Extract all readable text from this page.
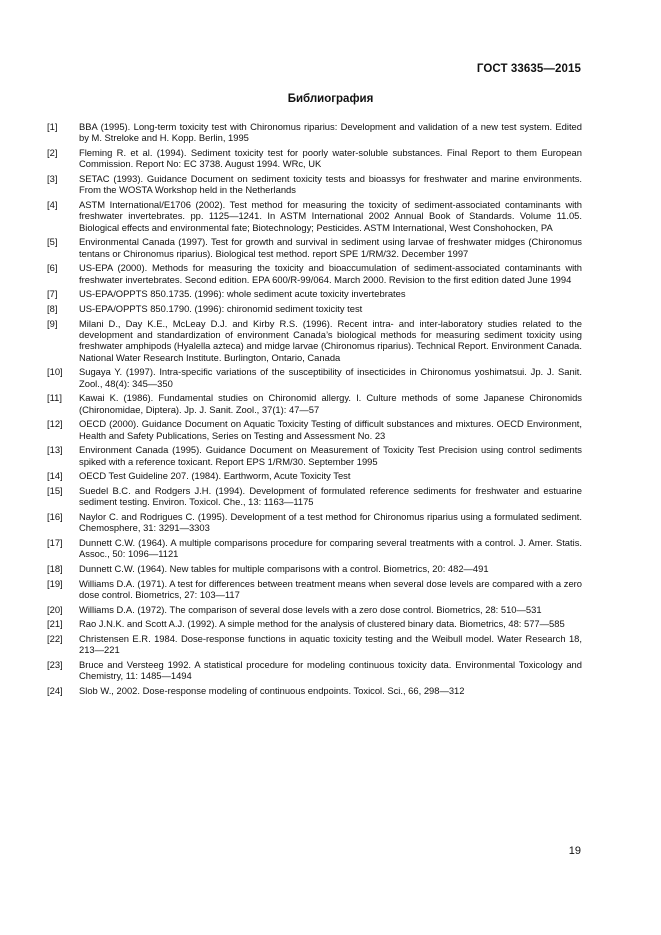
ГОСТ 33635—2015
Библиография
[1]	BBA (1995). Long-term toxicity test with Chironomus riparius: Development and validation of a new test system. Edited by M. Streloke and H. Kopp. Berlin, 1995
[2]	Fleming R. et al. (1994). Sediment toxicity test for poorly water-soluble substances. Final Report to them European Commission. Report No: EC 3738. August 1994. WRc, UK
[3]	SETAC (1993). Guidance Document on sediment toxicity tests and bioassys for freshwater and marine environments. From the WOSTA Workshop held in the Netherlands
[4]	ASTM International/E1706 (2002). Test method for measuring the toxicity of sediment-associated contaminants with freshwater invertebrates. pp. 1125—1241. In ASTM International 2002 Annual Book of Standards. Volume 11.05. Biological effects and environmental fate; Biotechnology; Pesticides. ASTM International, West Conshohocken, PA
[5]	Environmental Canada (1997). Test for growth and survival in sediment using larvae of freshwater midges (Chironomus tentans or Chironomus riparius). Biological test method. report SPE 1/RM/32. December 1997
[6]	US-EPA (2000). Methods for measuring the toxicity and bioaccumulation of sediment-associated contaminants with freshwater invertebrates. Second edition. EPA 600/R-99/064. March 2000. Revision to the first edition dated June 1994
[7]	US-EPA/OPPTS 850.1735. (1996): whole sediment acute toxicity invertebrates
[8]	US-EPA/OPPTS 850.1790. (1996): chironomid sediment toxicity test
[9]	Milani D., Day K.E., McLeay D.J. and Kirby R.S. (1996). Recent intra- and inter-laboratory studies related to the development and standardization of environment Canada’s biological methods for measuring sediment toxicity using freshwater amphipods (Hyalella azteca) and midge larvae (Chironomus riparius). Technical Report. Environment Canada. National Water Research Institute. Burlington, Ontario, Canada
[10]	Sugaya Y. (1997). Intra-specific variations of the susceptibility of insecticides in Chironomus yoshimatsui. Jp. J. Sanit. Zool., 48(4): 345—350
[11]	Kawai K. (1986). Fundamental studies on Chironomid allergy. I. Culture methods of some Japanese Chironomids (Chironomidae, Diptera). Jp. J. Sanit. Zool., 37(1): 47—57
[12]	OECD (2000). Guidance Document on Aquatic Toxicity Testing of difficult substances and mixtures. OECD Environment, Health and Safety Publications, Series on Testing and Assessment No. 23
[13]	Environment Canada (1995). Guidance Document on Measurement of Toxicity Test Precision using control sediments spiked with a reference toxicant. Report EPS 1/RM/30. September 1995
[14]	OECD Test Guideline 207. (1984). Earthworm, Acute Toxicity Test
[15]	Suedel B.C. and Rodgers J.H. (1994). Development of formulated reference sediments for freshwater and estuarine sediment testing. Environ. Toxicol. Che., 13: 1163—1175
[16]	Naylor C. and Rodrigues C. (1995). Development of a test method for Chironomus riparius using a formulated sediment. Chemosphere, 31: 3291—3303
[17]	Dunnett C.W. (1964). A multiple comparisons procedure for comparing several treatments with a control. J. Amer. Statis. Assoc., 50: 1096—1121
[18]	Dunnett C.W. (1964). New tables for multiple comparisons with a control. Biometrics, 20: 482—491
[19]	Williams D.A. (1971). A test for differences between treatment means when several dose levels are compared with a zero dose control. Biometrics, 27: 103—117
[20]	Williams D.A. (1972). The comparison of several dose levels with a zero dose control. Biometrics, 28: 510—531
[21]	Rao J.N.K. and Scott A.J. (1992). A simple method for the analysis of clustered binary data. Biometrics, 48: 577—585
[22]	Christensen E.R. 1984. Dose-response functions in aquatic toxicity testing and the Weibull model. Water Research 18, 213—221
[23]	Bruce and Versteeg 1992. A statistical procedure for modeling continuous toxicity data. Environmental Toxicology and Chemistry, 11: 1485—1494
[24]	Slob W., 2002. Dose-response modeling of continuous endpoints. Toxicol. Sci., 66, 298—312
19
